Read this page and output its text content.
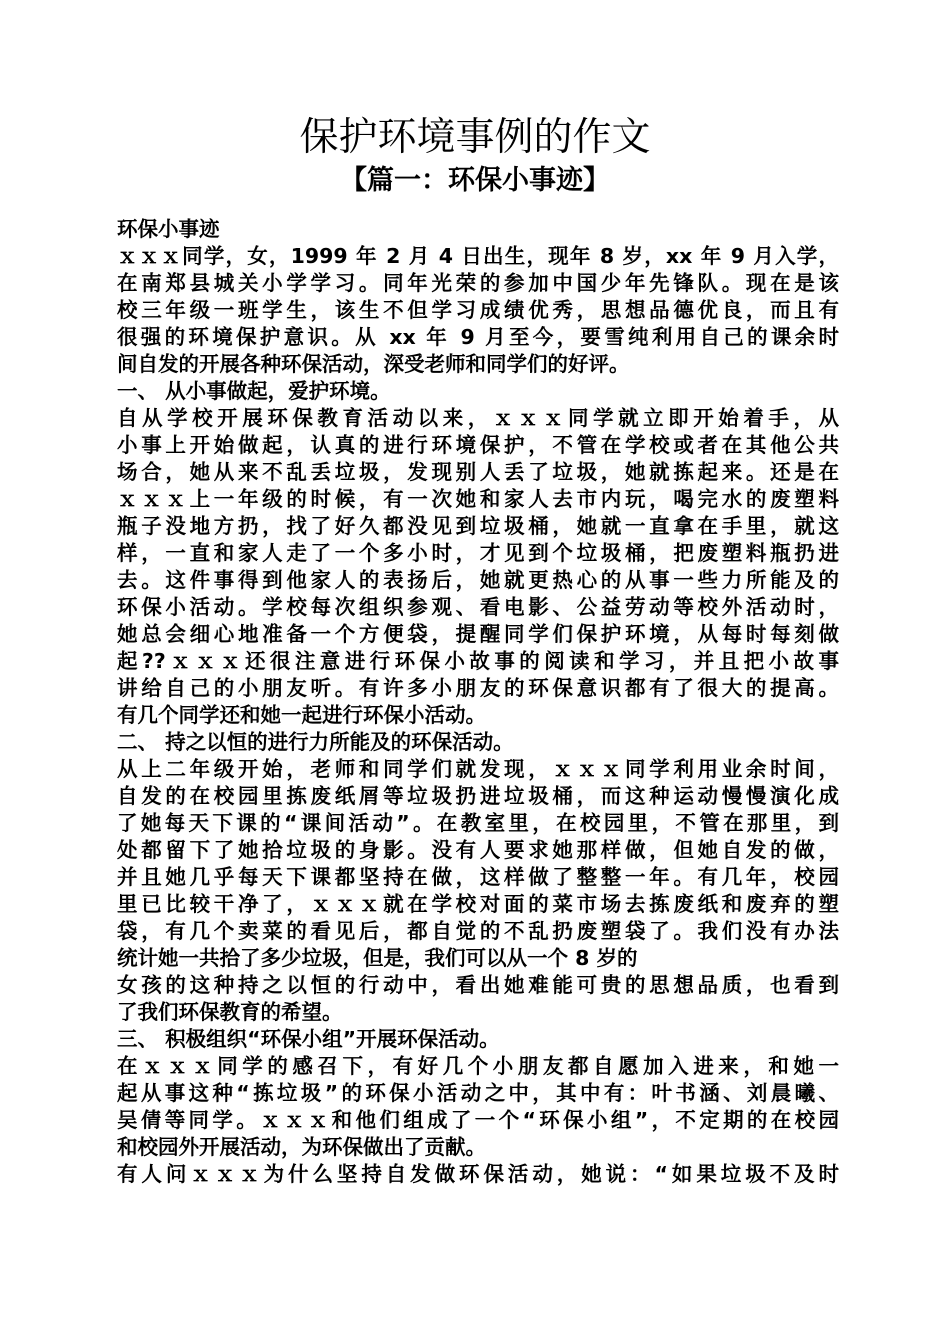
保护环境事例的作文
【篇一：环保小事迹】
环保小事迹
ｘｘｘ同学，女，1999 年 2 月 4 日出生，现年 8 岁，xx 年 9 月入学，
在南郑县城关小学学习。同年光荣的参加中国少年先锋队。现在是该
校三年级一班学生，该生不但学习成绩优秀，思想品德优良，而且有
很强的环境保护意识。从 xx 年 9 月至今，要雪纯利用自己的课余时
间自发的开展各种环保活动，深受老师和同学们的好评。
一、 从小事做起，爱护环境。
自从学校开展环保教育活动以来，ｘｘｘ同学就立即开始着手，从
小事上开始做起，认真的进行环境保护，不管在学校或者在其他公共
场合，她从来不乱丢垃圾，发现别人丢了垃圾，她就拣起来。还是在
ｘｘｘ上一年级的时候，有一次她和家人去市内玩，喝完水的废塑料
瓶子没地方扔，找了好久都没见到垃圾桶，她就一直拿在手里，就这
样，一直和家人走了一个多小时，才见到个垃圾桶，把废塑料瓶扔进
去。这件事得到他家人的表扬后，她就更热心的从事一些力所能及的
环保小活动。学校每次组织参观、看电影、公益劳动等校外活动时，
她总会细心地准备一个方便袋，提醒同学们保护环境，从每时每刻做
起??ｘｘｘ还很注意进行环保小故事的阅读和学习，并且把小故事
讲给自己的小朋友听。有许多小朋友的环保意识都有了很大的提高。
有几个同学还和她一起进行环保小活动。
二、 持之以恒的进行力所能及的环保活动。
从上二年级开始，老师和同学们就发现，ｘｘｘ同学利用业余时间，
自发的在校园里拣废纸屑等垃圾扔进垃圾桶，而这种运动慢慢演化成
了她每天下课的“课间活动”。在教室里，在校园里，不管在那里，到
处都留下了她拾垃圾的身影。没有人要求她那样做，但她自发的做，
并且她几乎每天下课都坚持在做，这样做了整整一年。有几年，校园
里已比较干净了，ｘｘｘ就在学校对面的菜市场去拣废纸和废弃的塑
袋，有几个卖菜的看见后，都自觉的不乱扔废塑袋了。我们没有办法
统计她一共拾了多少垃圾，但是，我们可以从一个 8 岁的
女孩的这种持之以恒的行动中，看出她难能可贵的思想品质，也看到
了我们环保教育的希望。
三、 积极组织“环保小组”开展环保活动。
在ｘｘｘ同学的感召下，有好几个小朋友都自愿加入进来，和她一
起从事这种“拣垃圾”的环保小活动之中，其中有：叶书涵、刘晨曦、
吴倩等同学。ｘｘｘ和他们组成了一个“环保小组”，不定期的在校园
和校园外开展活动，为环保做出了贡献。
有人问ｘｘｘ为什么坚持自发做环保活动，她说：“如果垃圾不及时
